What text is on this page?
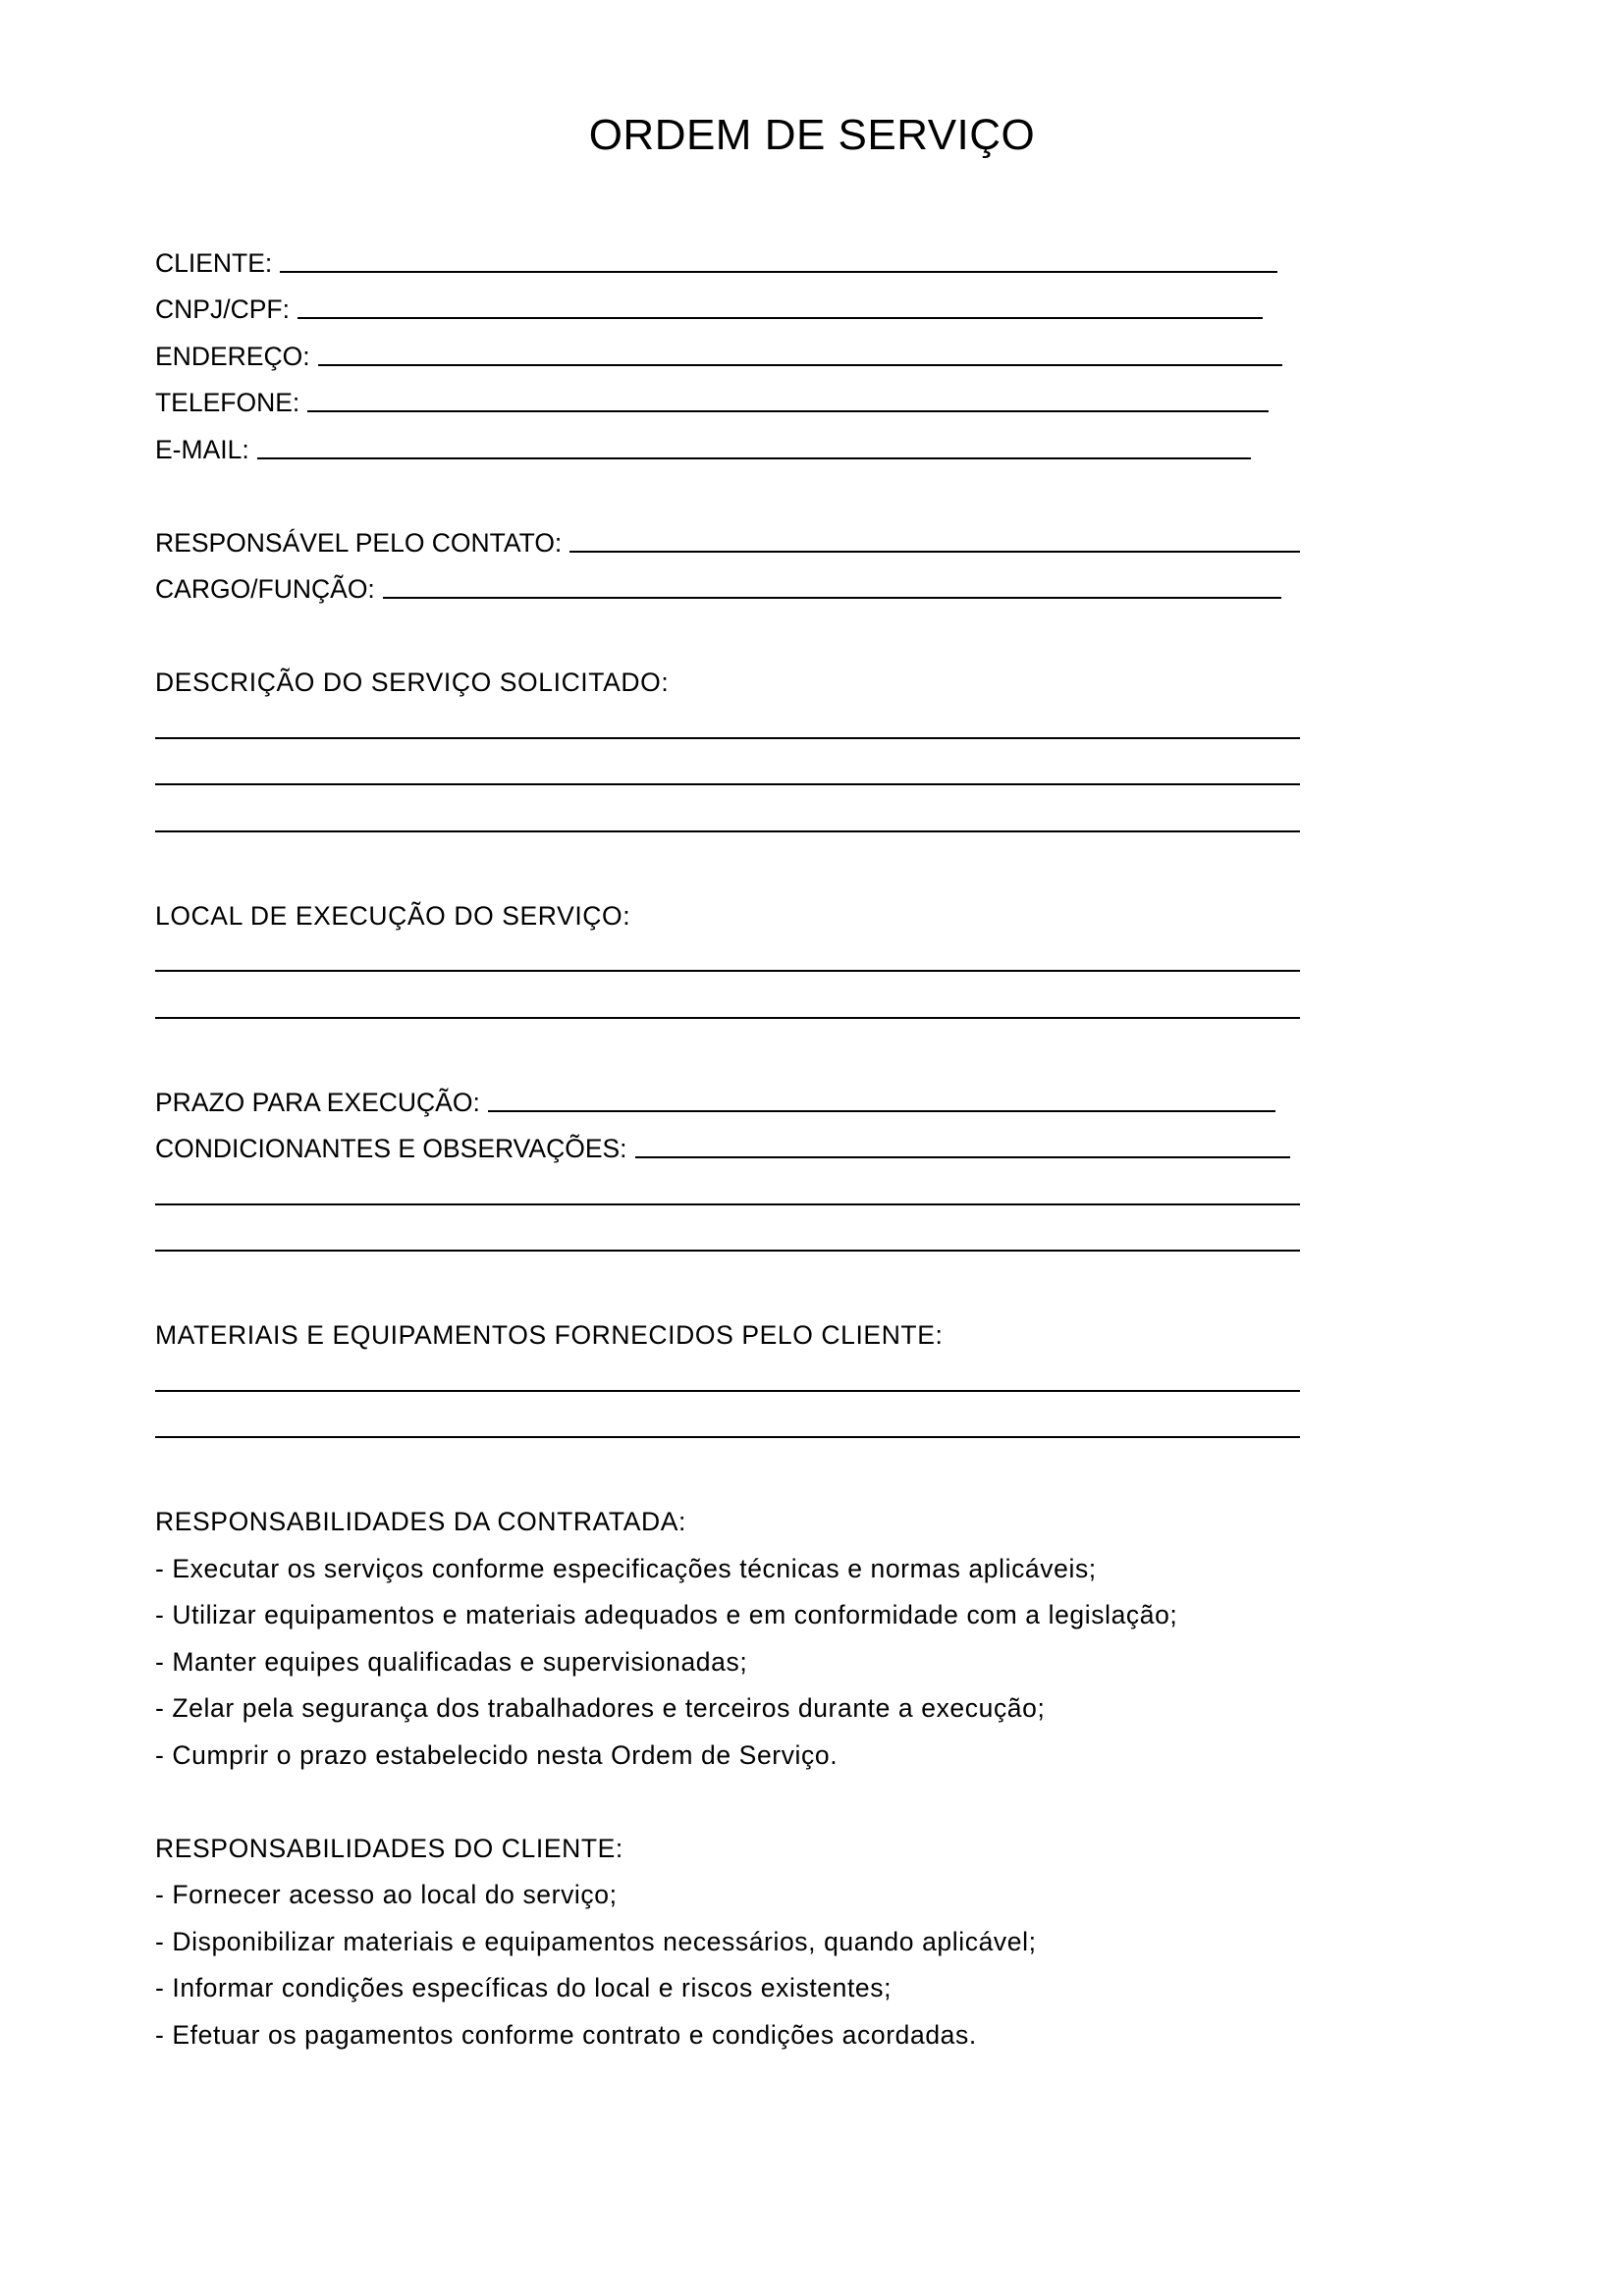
ORDEM DE SERVIÇO
CLIENTE:
CNPJ/CPF:
ENDEREÇO:
TELEFONE:
E-MAIL:
RESPONSÁVEL PELO CONTATO:
CARGO/FUNÇÃO:
DESCRIÇÃO DO SERVIÇO SOLICITADO:
LOCAL DE EXECUÇÃO DO SERVIÇO:
PRAZO PARA EXECUÇÃO:
CONDICIONANTES E OBSERVAÇÕES:
MATERIAIS E EQUIPAMENTOS FORNECIDOS PELO CLIENTE:
RESPONSABILIDADES DA CONTRATADA:
- Executar os serviços conforme especificações técnicas e normas aplicáveis;
- Utilizar equipamentos e materiais adequados e em conformidade com a legislação;
- Manter equipes qualificadas e supervisionadas;
- Zelar pela segurança dos trabalhadores e terceiros durante a execução;
- Cumprir o prazo estabelecido nesta Ordem de Serviço.
RESPONSABILIDADES DO CLIENTE:
- Fornecer acesso ao local do serviço;
- Disponibilizar materiais e equipamentos necessários, quando aplicável;
- Informar condições específicas do local e riscos existentes;
- Efetuar os pagamentos conforme contrato e condições acordadas.
